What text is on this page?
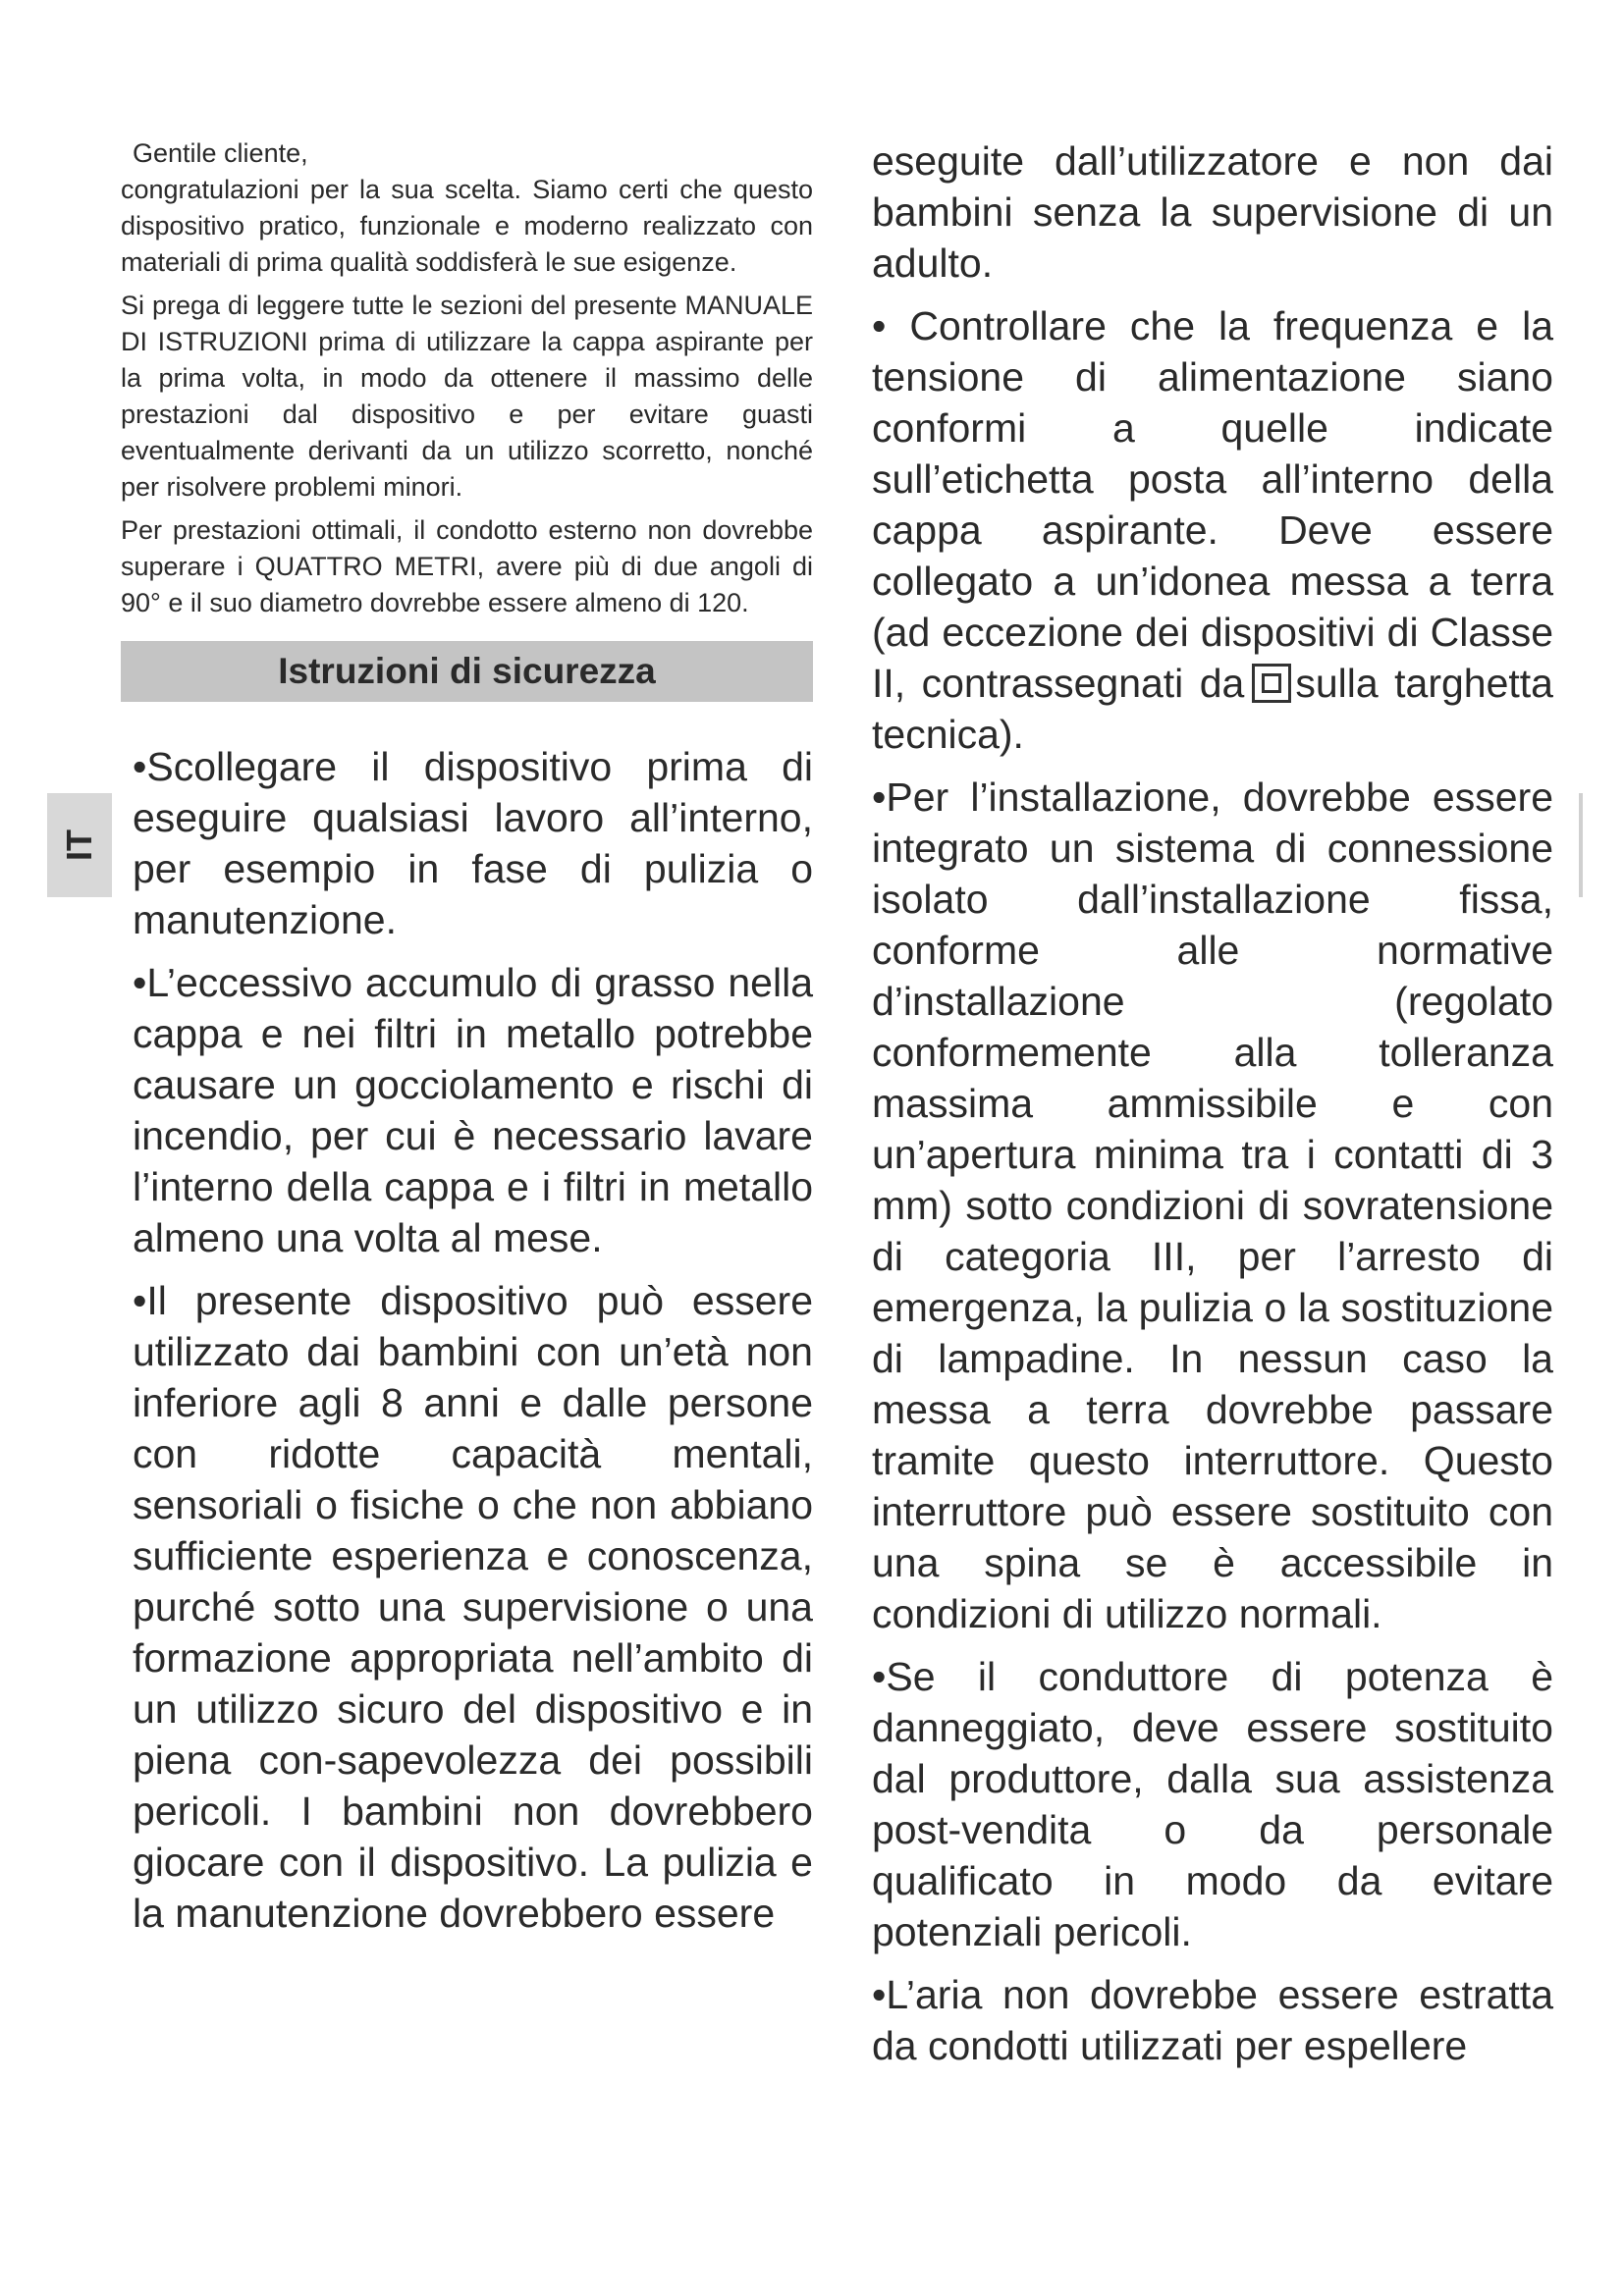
IT

Gentile cliente,

congratulazioni per la sua scelta. Siamo certi che questo dispositivo pratico, funzionale e moderno realizzato con materiali di prima qualità soddisferà le sue esigenze.

Si prega di leggere tutte le sezioni del presente MANUALE DI ISTRUZIONI prima di utilizzare la cappa aspirante per la prima volta, in modo da ottenere il massimo delle prestazioni dal dispositivo e per evitare guasti eventualmente derivanti da un utilizzo scorretto, nonché per risolvere problemi minori.

Per prestazioni ottimali, il condotto esterno non dovrebbe superare i QUATTRO METRI, avere più di due angoli di 90° e il suo diametro dovrebbe essere almeno di 120.

Istruzioni di sicurezza
•Scollegare il dispositivo prima di eseguire qualsiasi lavoro all’interno, per esempio in fase di pulizia o manutenzione.
•L’eccessivo accumulo di grasso nella cappa e nei filtri in metallo potrebbe causare un gocciolamento e rischi di incendio, per cui è necessario lavare l’interno della cappa e i filtri in metallo almeno una volta al mese.
•Il presente dispositivo può essere utilizzato dai bambini con un’età non inferiore agli 8 anni e dalle persone con ridotte capacità mentali, sensoriali o fisiche o che non abbiano sufficiente esperienza e conoscenza, purché sotto una supervisione o una formazione appropriata nell’ambito di un utilizzo sicuro del dispositivo e in piena con-sapevolezza dei possibili pericoli. I bambini non dovrebbero giocare con il dispositivo. La pulizia e la manutenzione dovrebbero essere
eseguite dall’utilizzatore e non dai bambini senza la supervisione di un adulto.
• Controllare che la frequenza e la tensione di alimentazione siano conformi a quelle indicate sull’etichetta posta all’interno della cappa aspirante. Deve essere collegato a un’idonea messa a terra (ad eccezione dei dispositivi di Classe II, contrassegnati da sulla targhetta tecnica).
•Per l’installazione, dovrebbe essere integrato un sistema di connessione isolato dall’installazione fissa, conforme alle normative d’installazione (regolato conformemente alla tolleranza massima ammissibile e con un’apertura minima tra i contatti di 3 mm) sotto condizioni di sovratensione di categoria III, per l’arresto di emergenza, la pulizia o la sostituzione di lampadine. In nessun caso la messa a terra dovrebbe passare tramite questo interruttore. Questo interruttore può essere sostituito con una spina se è accessibile in condizioni di utilizzo normali.
•Se il conduttore di potenza è danneggiato, deve essere sostituito dal produttore, dalla sua assistenza post-vendita o da personale qualificato in modo da evitare potenziali pericoli.
•L’aria non dovrebbe essere estratta da condotti utilizzati per espellere
